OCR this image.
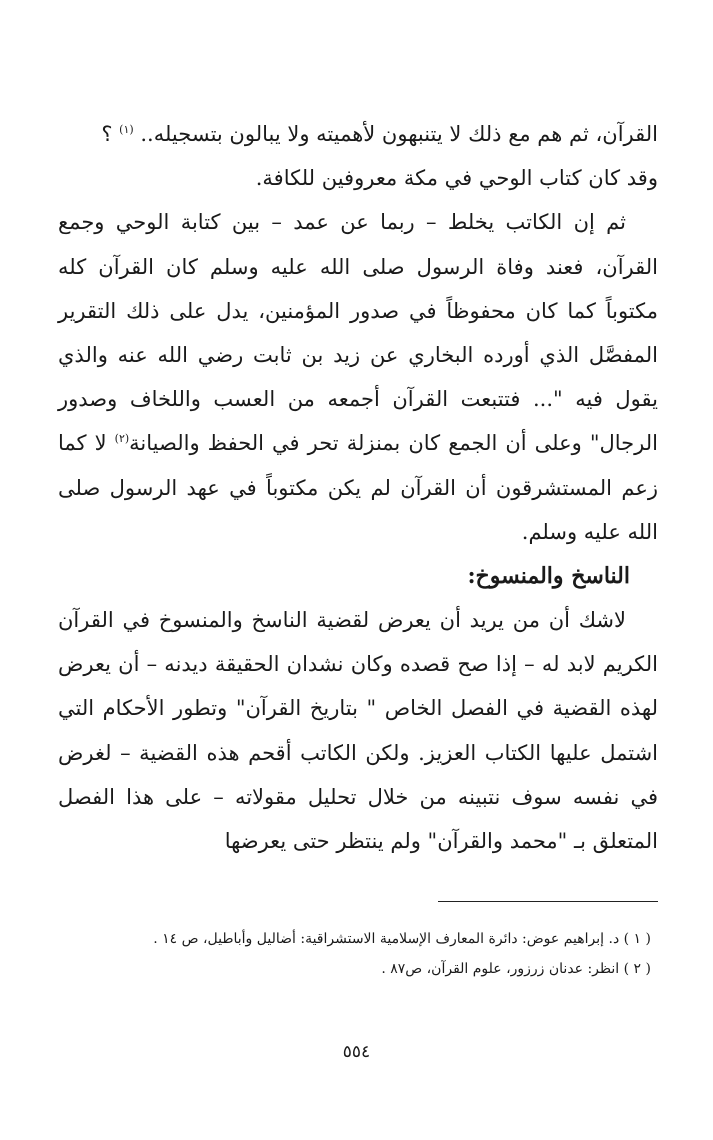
القرآن، ثم هم مع ذلك لا يتنبهون لأهميته ولا يبالون بتسجيله.. $^{(١)}$ ؟

وقد كان كتاب الوحي في مكة معروفين للكافة.

ثم إن الكاتب يخلط – ربما عن عمد – بين كتابة الوحي وجمع القرآن، فعند وفاة الرسول صلى الله عليه وسلم كان القرآن كله مكتوباً كما كان محفوظاً في صدور المؤمنين، يدل على ذلك التقرير المفصَّل الذي أورده البخاري عن زيد بن ثابت رضي الله عنه والذي يقول فيه "... فتتبعت القرآن أجمعه من العسب واللخاف وصدور الرجال" وعلى أن الجمع كان بمنزلة تحر في الحفظ والصيانة$^{(٢)}$ لا كما زعم المستشرقون أن القرآن لم يكن مكتوباً في عهد الرسول صلى الله عليه وسلم.

الناسخ والمنسوخ:

لاشك أن من يريد أن يعرض لقضية الناسخ والمنسوخ في القرآن الكريم لابد له – إذا صح قصده وكان نشدان الحقيقة ديدنه – أن يعرض لهذه القضية في الفصل الخاص " بتاريخ القرآن" وتطور الأحكام التي اشتمل عليها الكتاب العزيز. ولكن الكاتب أقحم هذه القضية – لغرض في نفسه سوف نتبينه من خلال تحليل مقولاته – على هذا الفصل المتعلق بـ "محمد والقرآن" ولم ينتظر حتى يعرضها

( ١ ) د. إبراهيم عوض: دائرة المعارف الإسلامية الاستشراقية: أضاليل وأباطيل، ص ١٤ .
( ٢ ) انظر: عدنان زرزور، علوم القرآن، ص٨٧ .
٥٥٤
